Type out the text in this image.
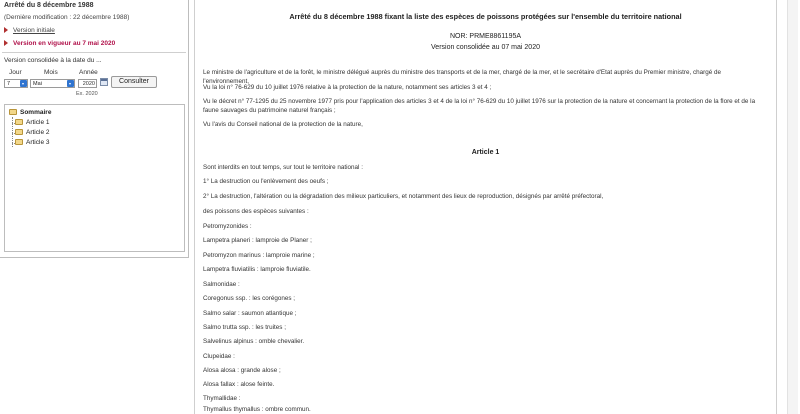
Arrêté du 8 décembre 1988
(Dernière modification : 22 décembre 1988)
Version initiale
Version en vigueur au 7 mai 2020
Version consolidée à la date du ...
Jour	Mois	Année
7	Mai	2020	Consulter
Ex. 2020
Sommaire
Article 1
Article 2
Article 3
Arrêté du 8 décembre 1988 fixant la liste des espèces de poissons protégées sur l'ensemble du territoire national
NOR: PRME8861195A
Version consolidée au 07 mai 2020
Le ministre de l'agriculture et de la forêt, le ministre délégué auprès du ministre des transports et de la mer, chargé de la mer, et le secrétaire d'Etat auprès du Premier ministre, chargé de l'environnement,
Vu la loi n° 76-629 du 10 juillet 1976 relative à la protection de la nature, notamment ses articles 3 et 4 ;
Vu le décret n° 77-1295 du 25 novembre 1977 pris pour l'application des articles 3 et 4 de la loi n° 76-629 du 10 juillet 1976 sur la protection de la nature et concernant la protection de la flore et de la faune sauvages du patrimoine naturel français ;
Vu l'avis du Conseil national de la protection de la nature,
Article 1
Sont interdits en tout temps, sur tout le territoire national :
1° La destruction ou l'enlèvement des oeufs ;
2° La destruction, l'altération ou la dégradation des milieux particuliers, et notamment des lieux de reproduction, désignés par arrêté préfectoral,
des poissons des espèces suivantes :
Petromyzonides :
Lampetra planeri : lamproie de Planer ;
Petromyzon marinus : lamproie marine ;
Lampetra fluviatilis : lamproie fluviatile.
Salmonidae :
Coregonus ssp. : les corégones ;
Salmo salar : saumon atlantique ;
Salmo trutta ssp. : les truites ;
Salvelinus alpinus : omble chevalier.
Clupeidae :
Alosa alosa : grande alose ;
Alosa fallax : alose feinte.
Thymallidae :
Thymallus thymallus : ombre commun.
